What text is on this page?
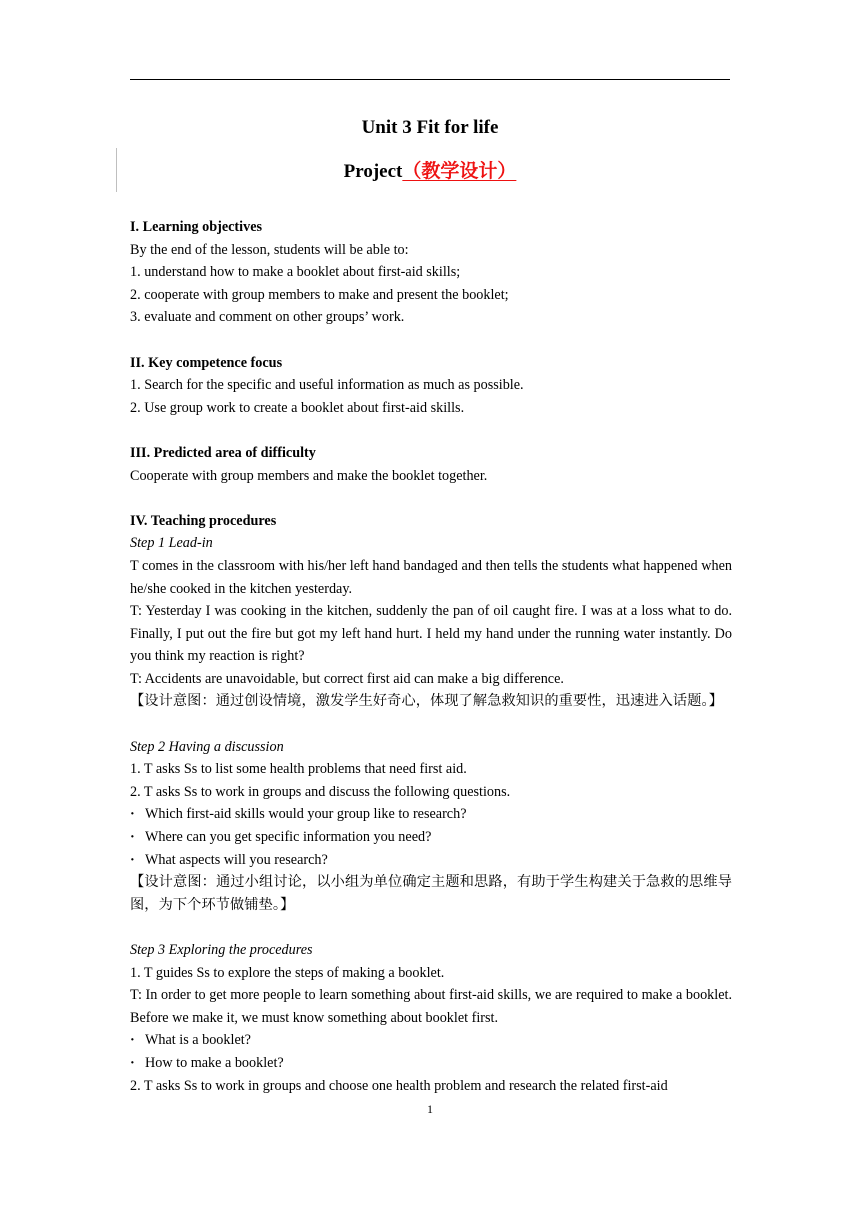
Unit 3 Fit for life
Project（教学设计）

I. Learning objectives

By the end of the lesson, students will be able to:

1. understand how to make a booklet about first-aid skills;

2. cooperate with group members to make and present the booklet;

3. evaluate and comment on other groups’ work.

II. Key competence focus

1. Search for the specific and useful information as much as possible.

2. Use group work to create a booklet about first-aid skills.

III. Predicted area of difficulty

Cooperate with group members and make the booklet together.

IV. Teaching procedures

Step 1 Lead-in

T comes in the classroom with his/her left hand bandaged and then tells the students what happened when he/she cooked in the kitchen yesterday.

T: Yesterday I was cooking in the kitchen, suddenly the pan of oil caught fire. I was at a loss what to do. Finally, I put out the fire but got my left hand hurt. I held my hand under the running water instantly. Do you think my reaction is right?

T: Accidents are unavoidable, but correct first aid can make a big difference.

【设计意图：通过创设情境，激发学生好奇心，体现了解急救知识的重要性，迅速进入话题。】

Step 2 Having a discussion

1. T asks Ss to list some health problems that need first aid.

2. T asks Ss to work in groups and discuss the following questions.

· Which first-aid skills would your group like to research?

· Where can you get specific information you need?

· What aspects will you research?

【设计意图：通过小组讨论，以小组为单位确定主题和思路，有助于学生构建关于急救的思维导图，为下个环节做铺垫。】

Step 3 Exploring the procedures

1. T guides Ss to explore the steps of making a booklet.

T: In order to get more people to learn something about first-aid skills, we are required to make a booklet. Before we make it, we must know something about booklet first.

· What is a booklet?

· How to make a booklet?

2. T asks Ss to work in groups and choose one health problem and research the related first-aid

1
